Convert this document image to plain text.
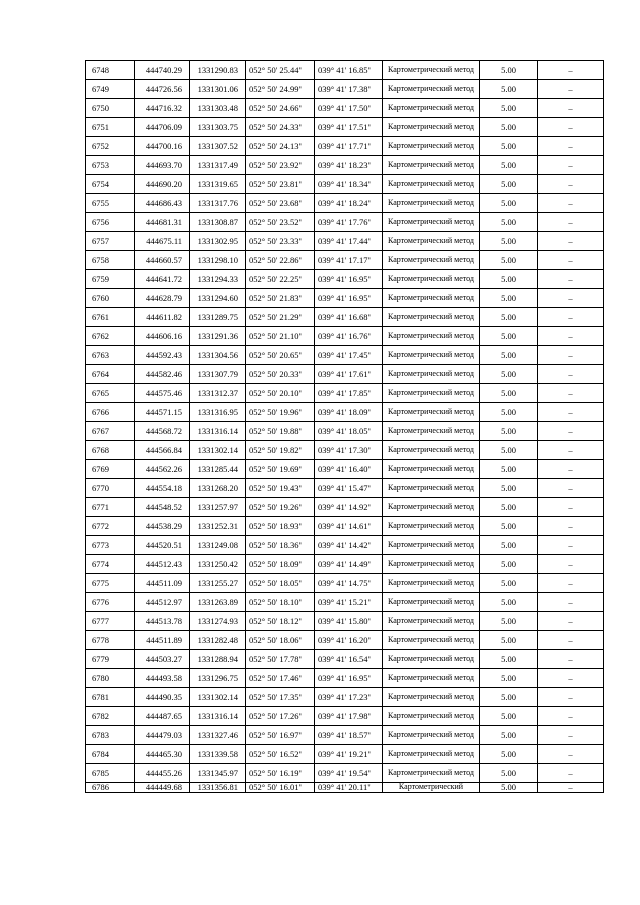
6748	444740.29	1331290.83	052° 50' 25.44"	039° 41' 16.85"	Картометрический метод	5.00	–
6749	444726.56	1331301.06	052° 50' 24.99"	039° 41' 17.38"	Картометрический метод	5.00	–
6750	444716.32	1331303.48	052° 50' 24.66"	039° 41' 17.50"	Картометрический метод	5.00	–
6751	444706.09	1331303.75	052° 50' 24.33"	039° 41' 17.51"	Картометрический метод	5.00	–
6752	444700.16	1331307.52	052° 50' 24.13"	039° 41' 17.71"	Картометрический метод	5.00	–
6753	444693.70	1331317.49	052° 50' 23.92"	039° 41' 18.23"	Картометрический метод	5.00	–
6754	444690.20	1331319.65	052° 50' 23.81"	039° 41' 18.34"	Картометрический метод	5.00	–
6755	444686.43	1331317.76	052° 50' 23.68"	039° 41' 18.24"	Картометрический метод	5.00	–
6756	444681.31	1331308.87	052° 50' 23.52"	039° 41' 17.76"	Картометрический метод	5.00	–
6757	444675.11	1331302.95	052° 50' 23.33"	039° 41' 17.44"	Картометрический метод	5.00	–
6758	444660.57	1331298.10	052° 50' 22.86"	039° 41' 17.17"	Картометрический метод	5.00	–
6759	444641.72	1331294.33	052° 50' 22.25"	039° 41' 16.95"	Картометрический метод	5.00	–
6760	444628.79	1331294.60	052° 50' 21.83"	039° 41' 16.95"	Картометрический метод	5.00	–
6761	444611.82	1331289.75	052° 50' 21.29"	039° 41' 16.68"	Картометрический метод	5.00	–
6762	444606.16	1331291.36	052° 50' 21.10"	039° 41' 16.76"	Картометрический метод	5.00	–
6763	444592.43	1331304.56	052° 50' 20.65"	039° 41' 17.45"	Картометрический метод	5.00	–
6764	444582.46	1331307.79	052° 50' 20.33"	039° 41' 17.61"	Картометрический метод	5.00	–
6765	444575.46	1331312.37	052° 50' 20.10"	039° 41' 17.85"	Картометрический метод	5.00	–
6766	444571.15	1331316.95	052° 50' 19.96"	039° 41' 18.09"	Картометрический метод	5.00	–
6767	444568.72	1331316.14	052° 50' 19.88"	039° 41' 18.05"	Картометрический метод	5.00	–
6768	444566.84	1331302.14	052° 50' 19.82"	039° 41' 17.30"	Картометрический метод	5.00	–
6769	444562.26	1331285.44	052° 50' 19.69"	039° 41' 16.40"	Картометрический метод	5.00	–
6770	444554.18	1331268.20	052° 50' 19.43"	039° 41' 15.47"	Картометрический метод	5.00	–
6771	444548.52	1331257.97	052° 50' 19.26"	039° 41' 14.92"	Картометрический метод	5.00	–
6772	444538.29	1331252.31	052° 50' 18.93"	039° 41' 14.61"	Картометрический метод	5.00	–
6773	444520.51	1331249.08	052° 50' 18.36"	039° 41' 14.42"	Картометрический метод	5.00	–
6774	444512.43	1331250.42	052° 50' 18.09"	039° 41' 14.49"	Картометрический метод	5.00	–
6775	444511.09	1331255.27	052° 50' 18.05"	039° 41' 14.75"	Картометрический метод	5.00	–
6776	444512.97	1331263.89	052° 50' 18.10"	039° 41' 15.21"	Картометрический метод	5.00	–
6777	444513.78	1331274.93	052° 50' 18.12"	039° 41' 15.80"	Картометрический метод	5.00	–
6778	444511.89	1331282.48	052° 50' 18.06"	039° 41' 16.20"	Картометрический метод	5.00	–
6779	444503.27	1331288.94	052° 50' 17.78"	039° 41' 16.54"	Картометрический метод	5.00	–
6780	444493.58	1331296.75	052° 50' 17.46"	039° 41' 16.95"	Картометрический метод	5.00	–
6781	444490.35	1331302.14	052° 50' 17.35"	039° 41' 17.23"	Картометрический метод	5.00	–
6782	444487.65	1331316.14	052° 50' 17.26"	039° 41' 17.98"	Картометрический метод	5.00	–
6783	444479.03	1331327.46	052° 50' 16.97"	039° 41' 18.57"	Картометрический метод	5.00	–
6784	444465.30	1331339.58	052° 50' 16.52"	039° 41' 19.21"	Картометрический метод	5.00	–
6785	444455.26	1331345.97	052° 50' 16.19"	039° 41' 19.54"	Картометрический метод	5.00	–
6786	444449.68	1331356.81	052° 50' 16.01"	039° 41' 20.11"	Картометрический	5.00	–
